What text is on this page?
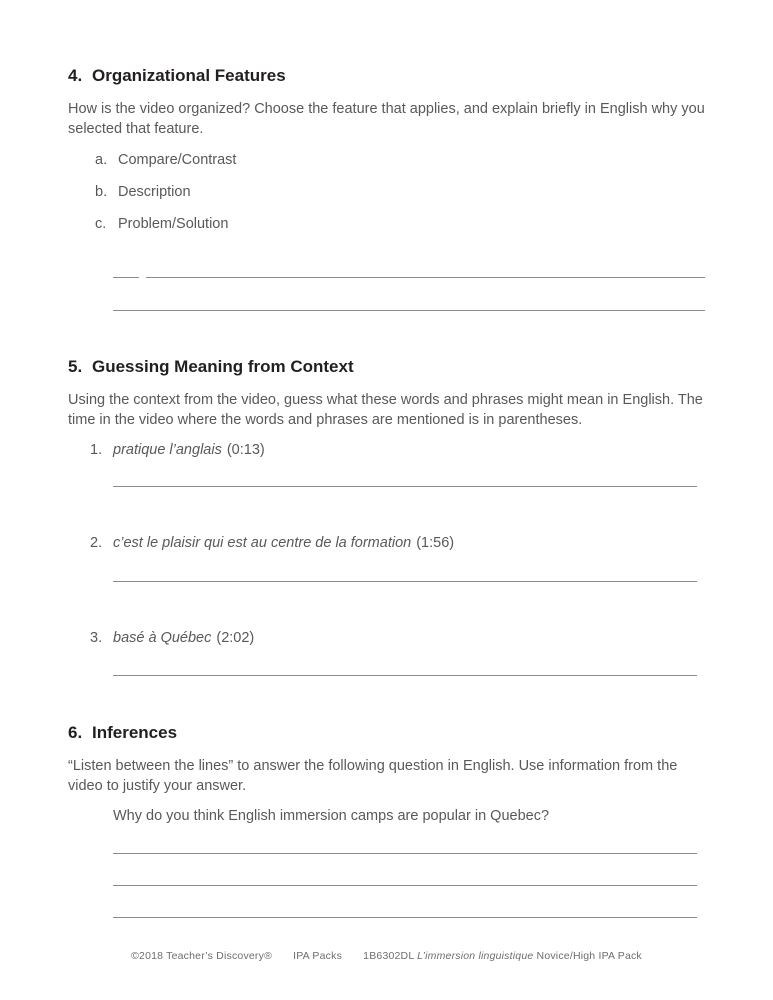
4. Organizational Features

How is the video organized? Choose the feature that applies, and explain briefly in English why you selected that feature.

a. Compare/Contrast
b. Description
c. Problem/Solution
5. Guessing Meaning from Context

Using the context from the video, guess what these words and phrases might mean in English. The time in the video where the words and phrases are mentioned is in parentheses.

1. pratique l’anglais (0:13)
2. c’est le plaisir qui est au centre de la formation (1:56)
3. basé à Québec (2:02)
6. Inferences

“Listen between the lines” to answer the following question in English. Use information from the video to justify your answer.

Why do you think English immersion camps are popular in Quebec?

©2018 Teacher’s Discovery® IPA Packs 1B6302DL L’immersion linguistique Novice/High IPA Pack
